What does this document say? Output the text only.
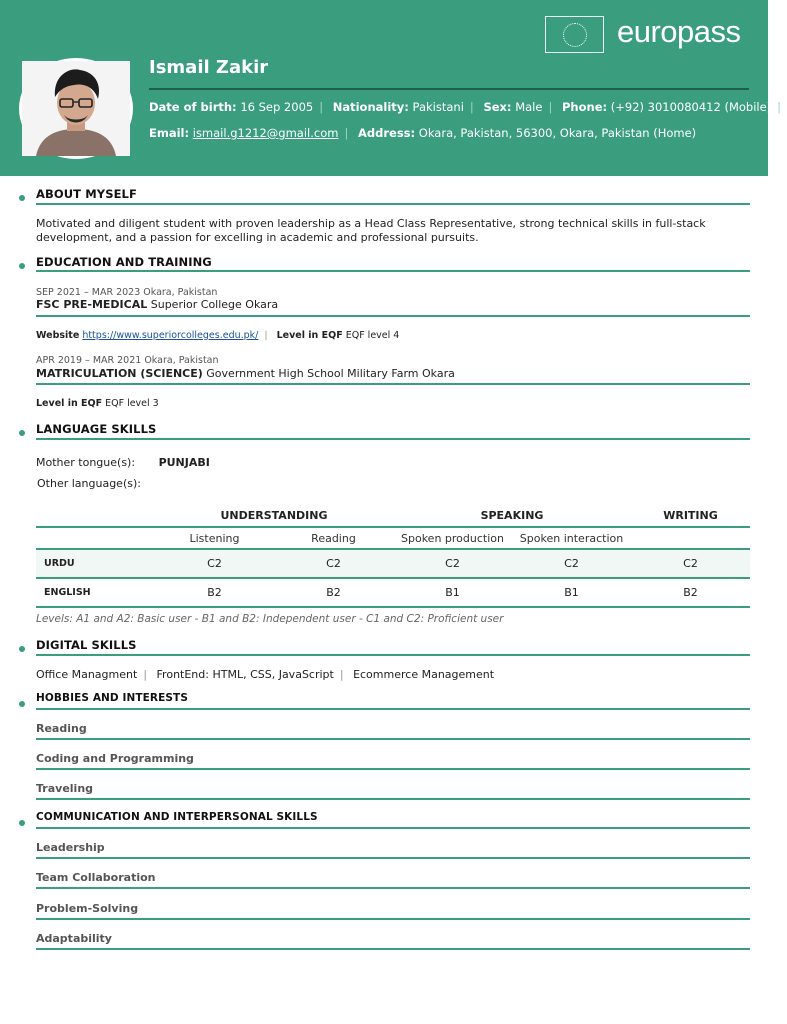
europass
Ismail Zakir
Date of birth: 16 Sep 2005 | Nationality: Pakistani | Sex: Male | Phone: (+92) 3010080412 (Mobile) |
Email: ismail.g1212@gmail.com | Address: Okara, Pakistan, 56300, Okara, Pakistan (Home)
ABOUT MYSELF
Motivated and diligent student with proven leadership as a Head Class Representative, strong technical skills in full-stack
development, and a passion for excelling in academic and professional pursuits.
EDUCATION AND TRAINING
SEP 2021 – MAR 2023 Okara, Pakistan
FSC PRE-MEDICAL Superior College Okara
Website https://www.superiorcolleges.edu.pk/ | Level in EQF EQF level 4
APR 2019 – MAR 2021 Okara, Pakistan
MATRICULATION (SCIENCE) Government High School Military Farm Okara
Level in EQF EQF level 3
LANGUAGE SKILLS
Mother tongue(s): PUNJABI
Other language(s):
	UNDERSTANDING		SPEAKING		WRITING
	Listening	Reading	Spoken production	Spoken interaction	
URDU	C2	C2	C2	C2	C2
ENGLISH	B2	B2	B1	B1	B2
Levels: A1 and A2: Basic user - B1 and B2: Independent user - C1 and C2: Proficient user
DIGITAL SKILLS
Office Managment | FrontEnd: HTML, CSS, JavaScript | Ecommerce Management
HOBBIES AND INTERESTS
Reading
Coding and Programming
Traveling
COMMUNICATION AND INTERPERSONAL SKILLS
Leadership
Team Collaboration
Problem-Solving
Adaptability
